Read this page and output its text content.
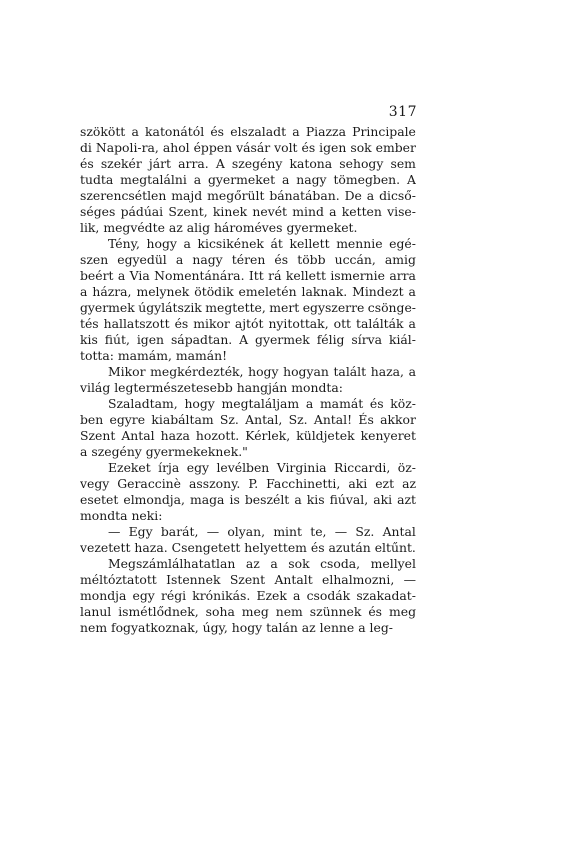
317
szökött a katonától és elszaladt a Piazza Principale
di Napoli-ra, ahol éppen vásár volt és igen sok ember
és szekér járt arra. A szegény katona sehogy sem
tudta megtalálni a gyermeket a nagy tömegben. A
szerencsétlen majd megőrült bánatában. De a dicső-
séges pádúai Szent, kinek nevét mind a ketten vise-
lik, megvédte az alig hároméves gyermeket.
Tény, hogy a kicsikének át kellett mennie egé-
szen egyedül a nagy téren és több uccán, amig
beért a Via Nomentánára. Itt rá kellett ismernie arra
a házra, melynek ötödik emeletén laknak. Mindezt a
gyermek úgylátszik megtette, mert egyszerre csönge-
tés hallatszott és mikor ajtót nyitottak, ott találták a
kis fiút, igen sápadtan. A gyermek félig sírva kiál-
totta: mamám, mamán!
Mikor megkérdezték, hogy hogyan talált haza, a
világ legtermészetesebb hangján mondta:
Szaladtam, hogy megtaláljam a mamát és köz-
ben egyre kiabáltam Sz. Antal, Sz. Antal! És akkor
Szent Antal haza hozott. Kérlek, küldjetek kenyeret
a szegény gyermekeknek."
Ezeket írja egy levélben Virginia Riccardi, öz-
vegy Geraccinè asszony. P. Facchinetti, aki ezt az
esetet elmondja, maga is beszélt a kis fiúval, aki azt
mondta neki:
— Egy barát, — olyan, mint te, — Sz. Antal
vezetett haza. Csengetett helyettem és azután eltűnt.
Megszámlálhatatlan az a sok csoda, mellyel
méltóztatott Istennek Szent Antalt elhalmozni, —
mondja egy régi krónikás. Ezek a csodák szakadat-
lanul ismétlődnek, soha meg nem szünnek és meg
nem fogyatkoznak, úgy, hogy talán az lenne a leg-
